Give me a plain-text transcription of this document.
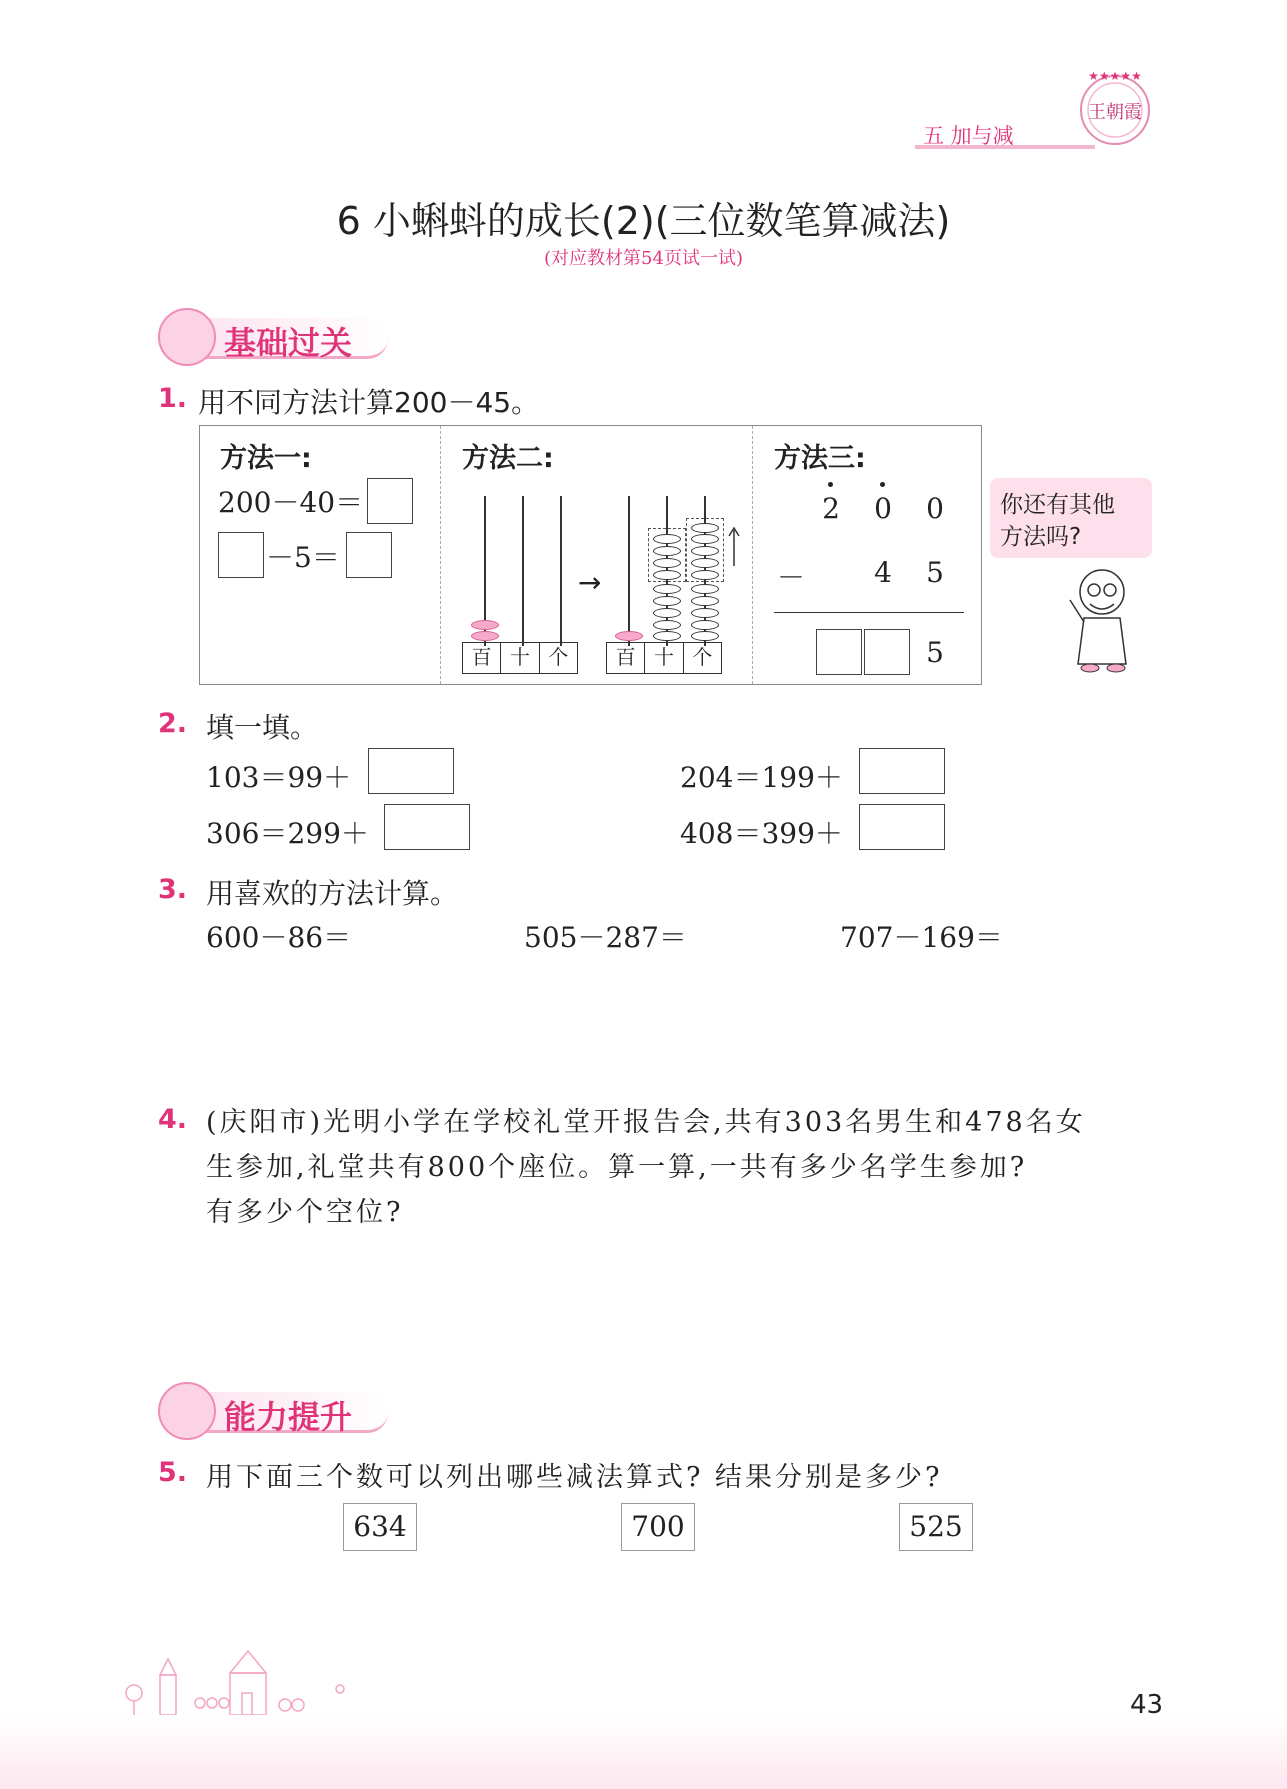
五 加与减
★★★★★
王朝霞
6 小蝌蚪的成长(2)(三位数笔算减法)
(对应教材第54页试一试)
基础过关
1. 用不同方法计算200－45。
方法一:
200－40＝
－5＝
方法二:
百 十 个
→
百 十 个
方法三:
2 0 0
－ 4 5
5
你还有其他
方法吗?
2. 填一填。
103＝99＋	204＝199＋
306＝299＋	408＝399＋
3. 用喜欢的方法计算。
600－86＝	505－287＝	707－169＝
4. (庆阳市)光明小学在学校礼堂开报告会,共有303名男生和478名女
生参加,礼堂共有800个座位。算一算,一共有多少名学生参加?
有多少个空位?
能力提升
5. 用下面三个数可以列出哪些减法算式? 结果分别是多少?
634	700	525
43
